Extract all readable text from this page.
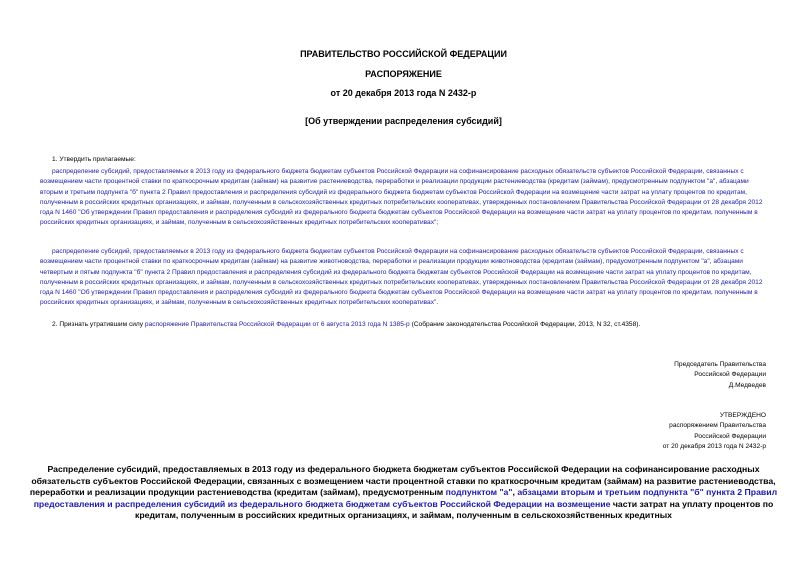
ПРАВИТЕЛЬСТВО РОССИЙСКОЙ ФЕДЕРАЦИИ
РАСПОРЯЖЕНИЕ
от 20 декабря 2013 года N 2432-р
[Об утверждении распределения субсидий]

1. Утвердить прилагаемые:

распределение субсидий, предоставляемых в 2013 году из федерального бюджета бюджетам субъектов Российской Федерации на софинансирование расходных обязательств субъектов Российской Федерации, связанных с возмещением части процентной ставки по краткосрочным кредитам (займам) на развитие растениеводства, переработки и реализации продукции растениеводства (кредитам (займам), предусмотренным подпунктом "а", абзацами вторым и третьим подпункта "б" пункта 2 Правил предоставления и распределения субсидий из федерального бюджета бюджетам субъектов Российской Федерации на возмещение части затрат на уплату процентов по кредитам, полученным в российских кредитных организациях, и займам, полученным в сельскохозяйственных кредитных потребительских кооперативах, утвержденных постановлением Правительства Российской Федерации от 28 декабря 2012 года N 1460 "Об утверждении Правил предоставления и распределения субсидий из федерального бюджета бюджетам субъектов Российской Федерации на возмещение части затрат на уплату процентов по кредитам, полученным в российских кредитных организациях, и займам, полученным в сельскохозяйственных кредитных потребительских кооперативах";

распределение субсидий, предоставляемых в 2013 году из федерального бюджета бюджетам субъектов Российской Федерации на софинансирование расходных обязательств субъектов Российской Федерации, связанных с возмещением части процентной ставки по краткосрочным кредитам (займам) на развитие животноводства, переработки и реализации продукции животноводства (кредитам (займам), предусмотренным подпунктом "а", абзацами четвертым и пятым подпункта "б" пункта 2 Правил предоставления и распределения субсидий из федерального бюджета бюджетам субъектов Российской Федерации на возмещение части затрат на уплату процентов по кредитам, полученным в российских кредитных организациях, и займам, полученным в сельскохозяйственных кредитных потребительских кооперативах, утвержденных постановлением Правительства Российской Федерации от 28 декабря 2012 года N 1460 "Об утверждении Правил предоставления и распределения субсидий из федерального бюджета бюджетам субъектов Российской Федерации на возмещение части затрат на уплату процентов по кредитам, полученным в российских кредитных организациях, и займам, полученным в сельскохозяйственных кредитных потребительских кооперативах".

2. Признать утратившим силу распоряжение Правительства Российской Федерации от 6 августа 2013 года N 1385-р (Собрание законодательства Российской Федерации, 2013, N 32, ст.4358).

Председатель Правительства
Российской Федерации
Д.Медведев
УТВЕРЖДЕНО
распоряжением Правительства
Российской Федерации
от 20 декабря 2013 года N 2432-р
Распределение субсидий, предоставляемых в 2013 году из федерального бюджета бюджетам субъектов Российской Федерации на софинансирование расходных обязательств субъектов Российской Федерации, связанных с возмещением части процентной ставки по краткосрочным кредитам (займам) на развитие растениеводства, переработки и реализации продукции растениеводства (кредитам (займам), предусмотренным подпунктом "а", абзацами вторым и третьим подпункта "б" пункта 2 Правил предоставления и распределения субсидий из федерального бюджета бюджетам субъектов Российской Федерации на возмещение части затрат на уплату процентов по кредитам, полученным в российских кредитных организациях, и займам, полученным в сельскохозяйственных кредитных
